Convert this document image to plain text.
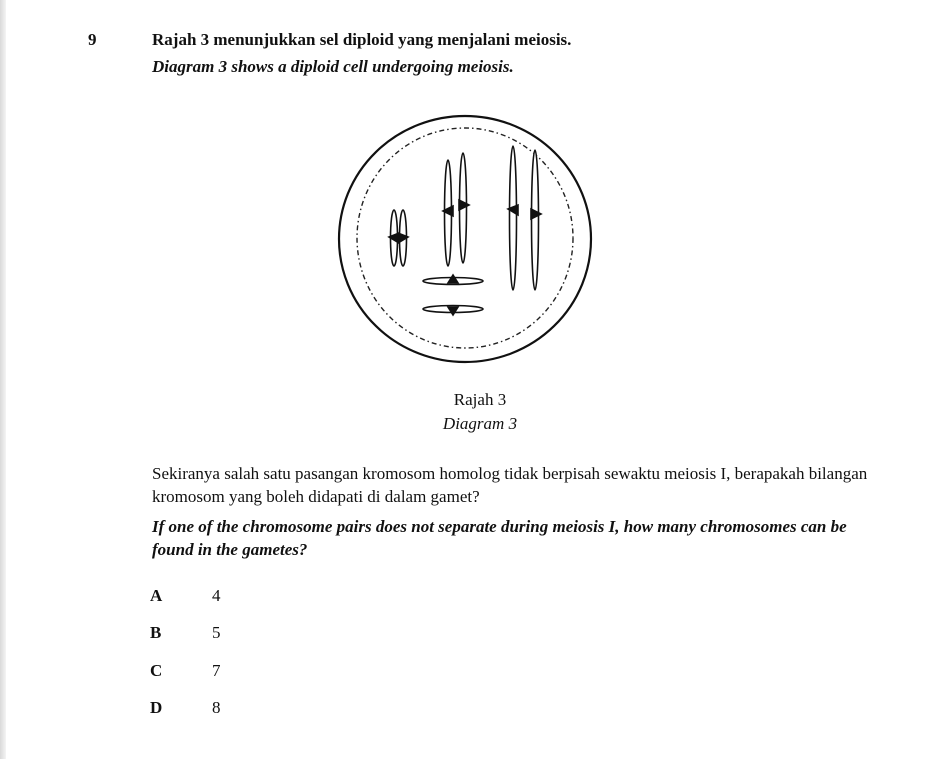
9	Rajah 3 menunjukkan sel diploid yang menjalani meiosis.
Diagram 3 shows a diploid cell undergoing meiosis.
Rajah 3
Diagram 3
Sekiranya salah satu pasangan kromosom homolog tidak berpisah sewaktu meiosis I, berapakah bilangan kromosom yang boleh didapati di dalam gamet?
If one of the chromosome pairs does not separate during meiosis I, how many chromosomes can be found in the gametes?
A	4
B	5
C	7
D	8
